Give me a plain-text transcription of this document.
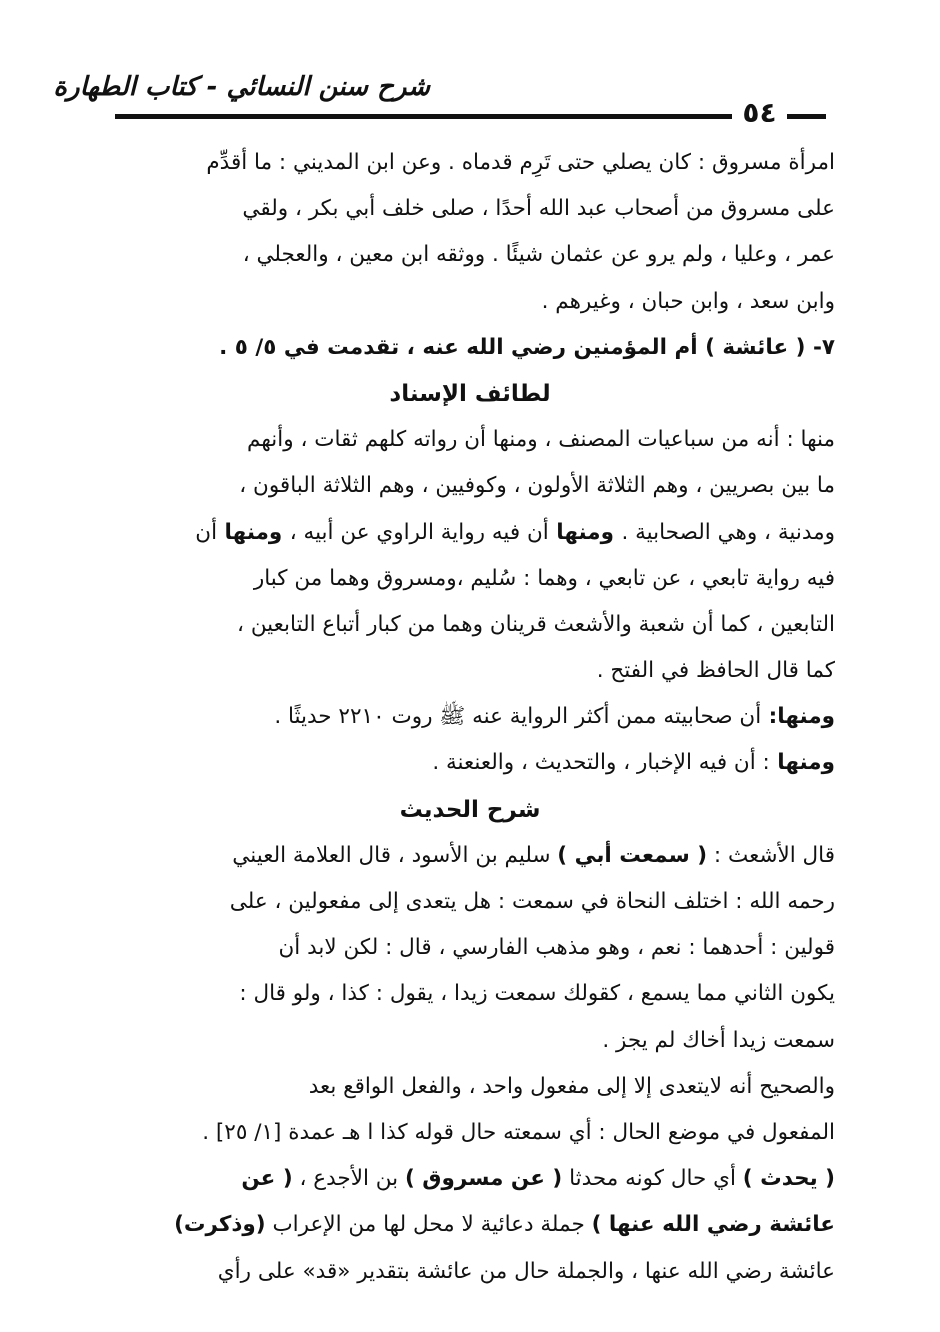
شرح سنن النسائي - كتاب الطهارة
٥٤
امرأة مسروق : كان يصلي حتى تَرِم قدماه . وعن ابن المديني : ما أقدِّم
على مسروق من أصحاب عبد الله أحدًا ، صلى خلف أبي بكر ، ولقي
عمر ، وعليا ، ولم يرو عن عثمان شيئًا . ووثقه ابن معين ، والعجلي ،
وابن سعد ، وابن حبان ، وغيرهم .
٧- ( عائشة ) أم المؤمنين رضي الله عنه ، تقدمت في ٥/ ٥ .
لطائف الإسناد
منها : أنه من سباعيات المصنف ، ومنها أن رواته كلهم ثقات ، وأنهم
ما بين بصريين ، وهم الثلاثة الأولون ، وكوفيين ، وهم الثلاثة الباقون ،
ومدنية ، وهي الصحابية . ومنها أن فيه رواية الراوي عن أبيه ، ومنها أن
فيه رواية تابعي ، عن تابعي ، وهما : سُليم ،ومسروق وهما من كبار
التابعين ، كما أن شعبة والأشعث قرينان وهما من كبار أتباع التابعين ،
كما قال الحافظ في الفتح .
ومنها: أن صحابيته ممن أكثر الرواية عنه ﷺ روت ٢٢١٠ حديثًا .
ومنها : أن فيه الإخبار ، والتحديث ، والعنعنة .
شرح الحديث
قال الأشعث : ( سمعت أبي ) سليم بن الأسود ، قال العلامة العيني
رحمه الله : اختلف النحاة في سمعت : هل يتعدى إلى مفعولين ، على
قولين : أحدهما : نعم ، وهو مذهب الفارسي ، قال : لكن لابد أن
يكون الثاني مما يسمع ، كقولك سمعت زيدا ، يقول : كذا ، ولو قال :
سمعت زيدا أخاك لم يجز .
والصحيح أنه لايتعدى إلا إلى مفعول واحد ، والفعل الواقع بعد
المفعول في موضع الحال : أي سمعته حال قوله كذا ا هـ عمدة [١/ ٢٥] .
( يحدث ) أي حال كونه محدثا ( عن مسروق ) بن الأجدع ، ( عن
عائشة رضي الله عنها ) جملة دعائية لا محل لها من الإعراب (وذكرت)
عائشة رضي الله عنها ، والجملة حال من عائشة بتقدير «قد» على رأي
